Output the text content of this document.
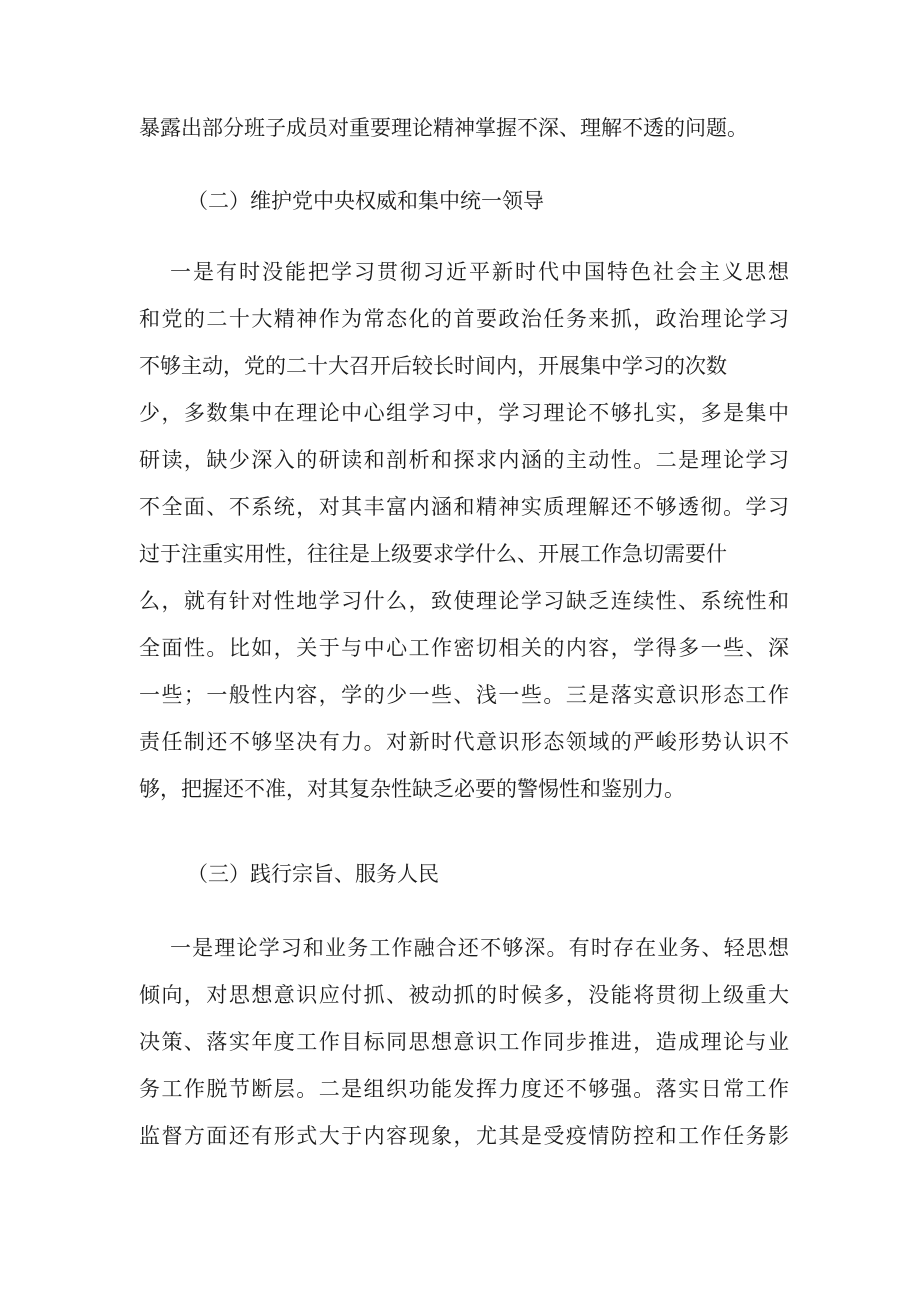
暴露出部分班子成员对重要理论精神掌握不深、理解不透的问题。
（二）维护党中央权威和集中统一领导
一是有时没能把学习贯彻习近平新时代中国特色社会主义思想
和党的二十大精神作为常态化的首要政治任务来抓，政治理论学习
不够主动，党的二十大召开后较长时间内，开展集中学习的次数
少，多数集中在理论中心组学习中，学习理论不够扎实，多是集中
研读，缺少深入的研读和剖析和探求内涵的主动性。二是理论学习
不全面、不系统，对其丰富内涵和精神实质理解还不够透彻。学习
过于注重实用性，往往是上级要求学什么、开展工作急切需要什
么，就有针对性地学习什么，致使理论学习缺乏连续性、系统性和
全面性。比如，关于与中心工作密切相关的内容，学得多一些、深
一些；一般性内容，学的少一些、浅一些。三是落实意识形态工作
责任制还不够坚决有力。对新时代意识形态领域的严峻形势认识不
够，把握还不准，对其复杂性缺乏必要的警惕性和鉴别力。
（三）践行宗旨、服务人民
一是理论学习和业务工作融合还不够深。有时存在业务、轻思想
倾向，对思想意识应付抓、被动抓的时候多，没能将贯彻上级重大
决策、落实年度工作目标同思想意识工作同步推进，造成理论与业
务工作脱节断层。二是组织功能发挥力度还不够强。落实日常工作
监督方面还有形式大于内容现象，尤其是受疫情防控和工作任务影
